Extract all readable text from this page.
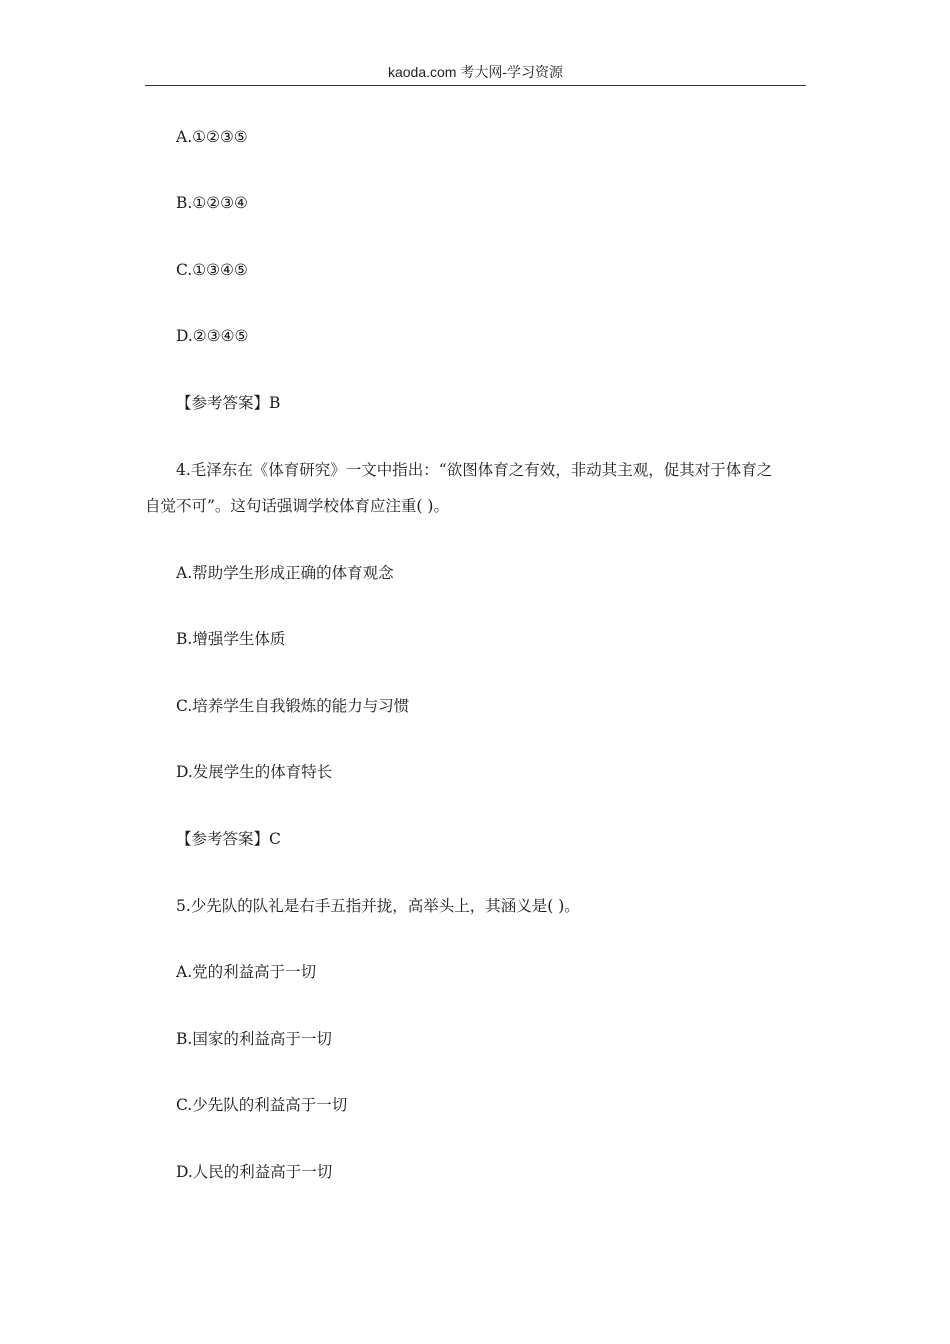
kaoda.com 考大网-学习资源
A.①②③⑤
B.①②③④
C.①③④⑤
D.②③④⑤
【参考答案】B
4.毛泽东在《体育研究》一文中指出：“欲图体育之有效，非动其主观，促其对于体育之
自觉不可”。这句话强调学校体育应注重( )。
A.帮助学生形成正确的体育观念
B.增强学生体质
C.培养学生自我锻炼的能力与习惯
D.发展学生的体育特长
【参考答案】C
5.少先队的队礼是右手五指并拢，高举头上，其涵义是( )。
A.党的利益高于一切
B.国家的利益高于一切
C.少先队的利益高于一切
D.人民的利益高于一切
